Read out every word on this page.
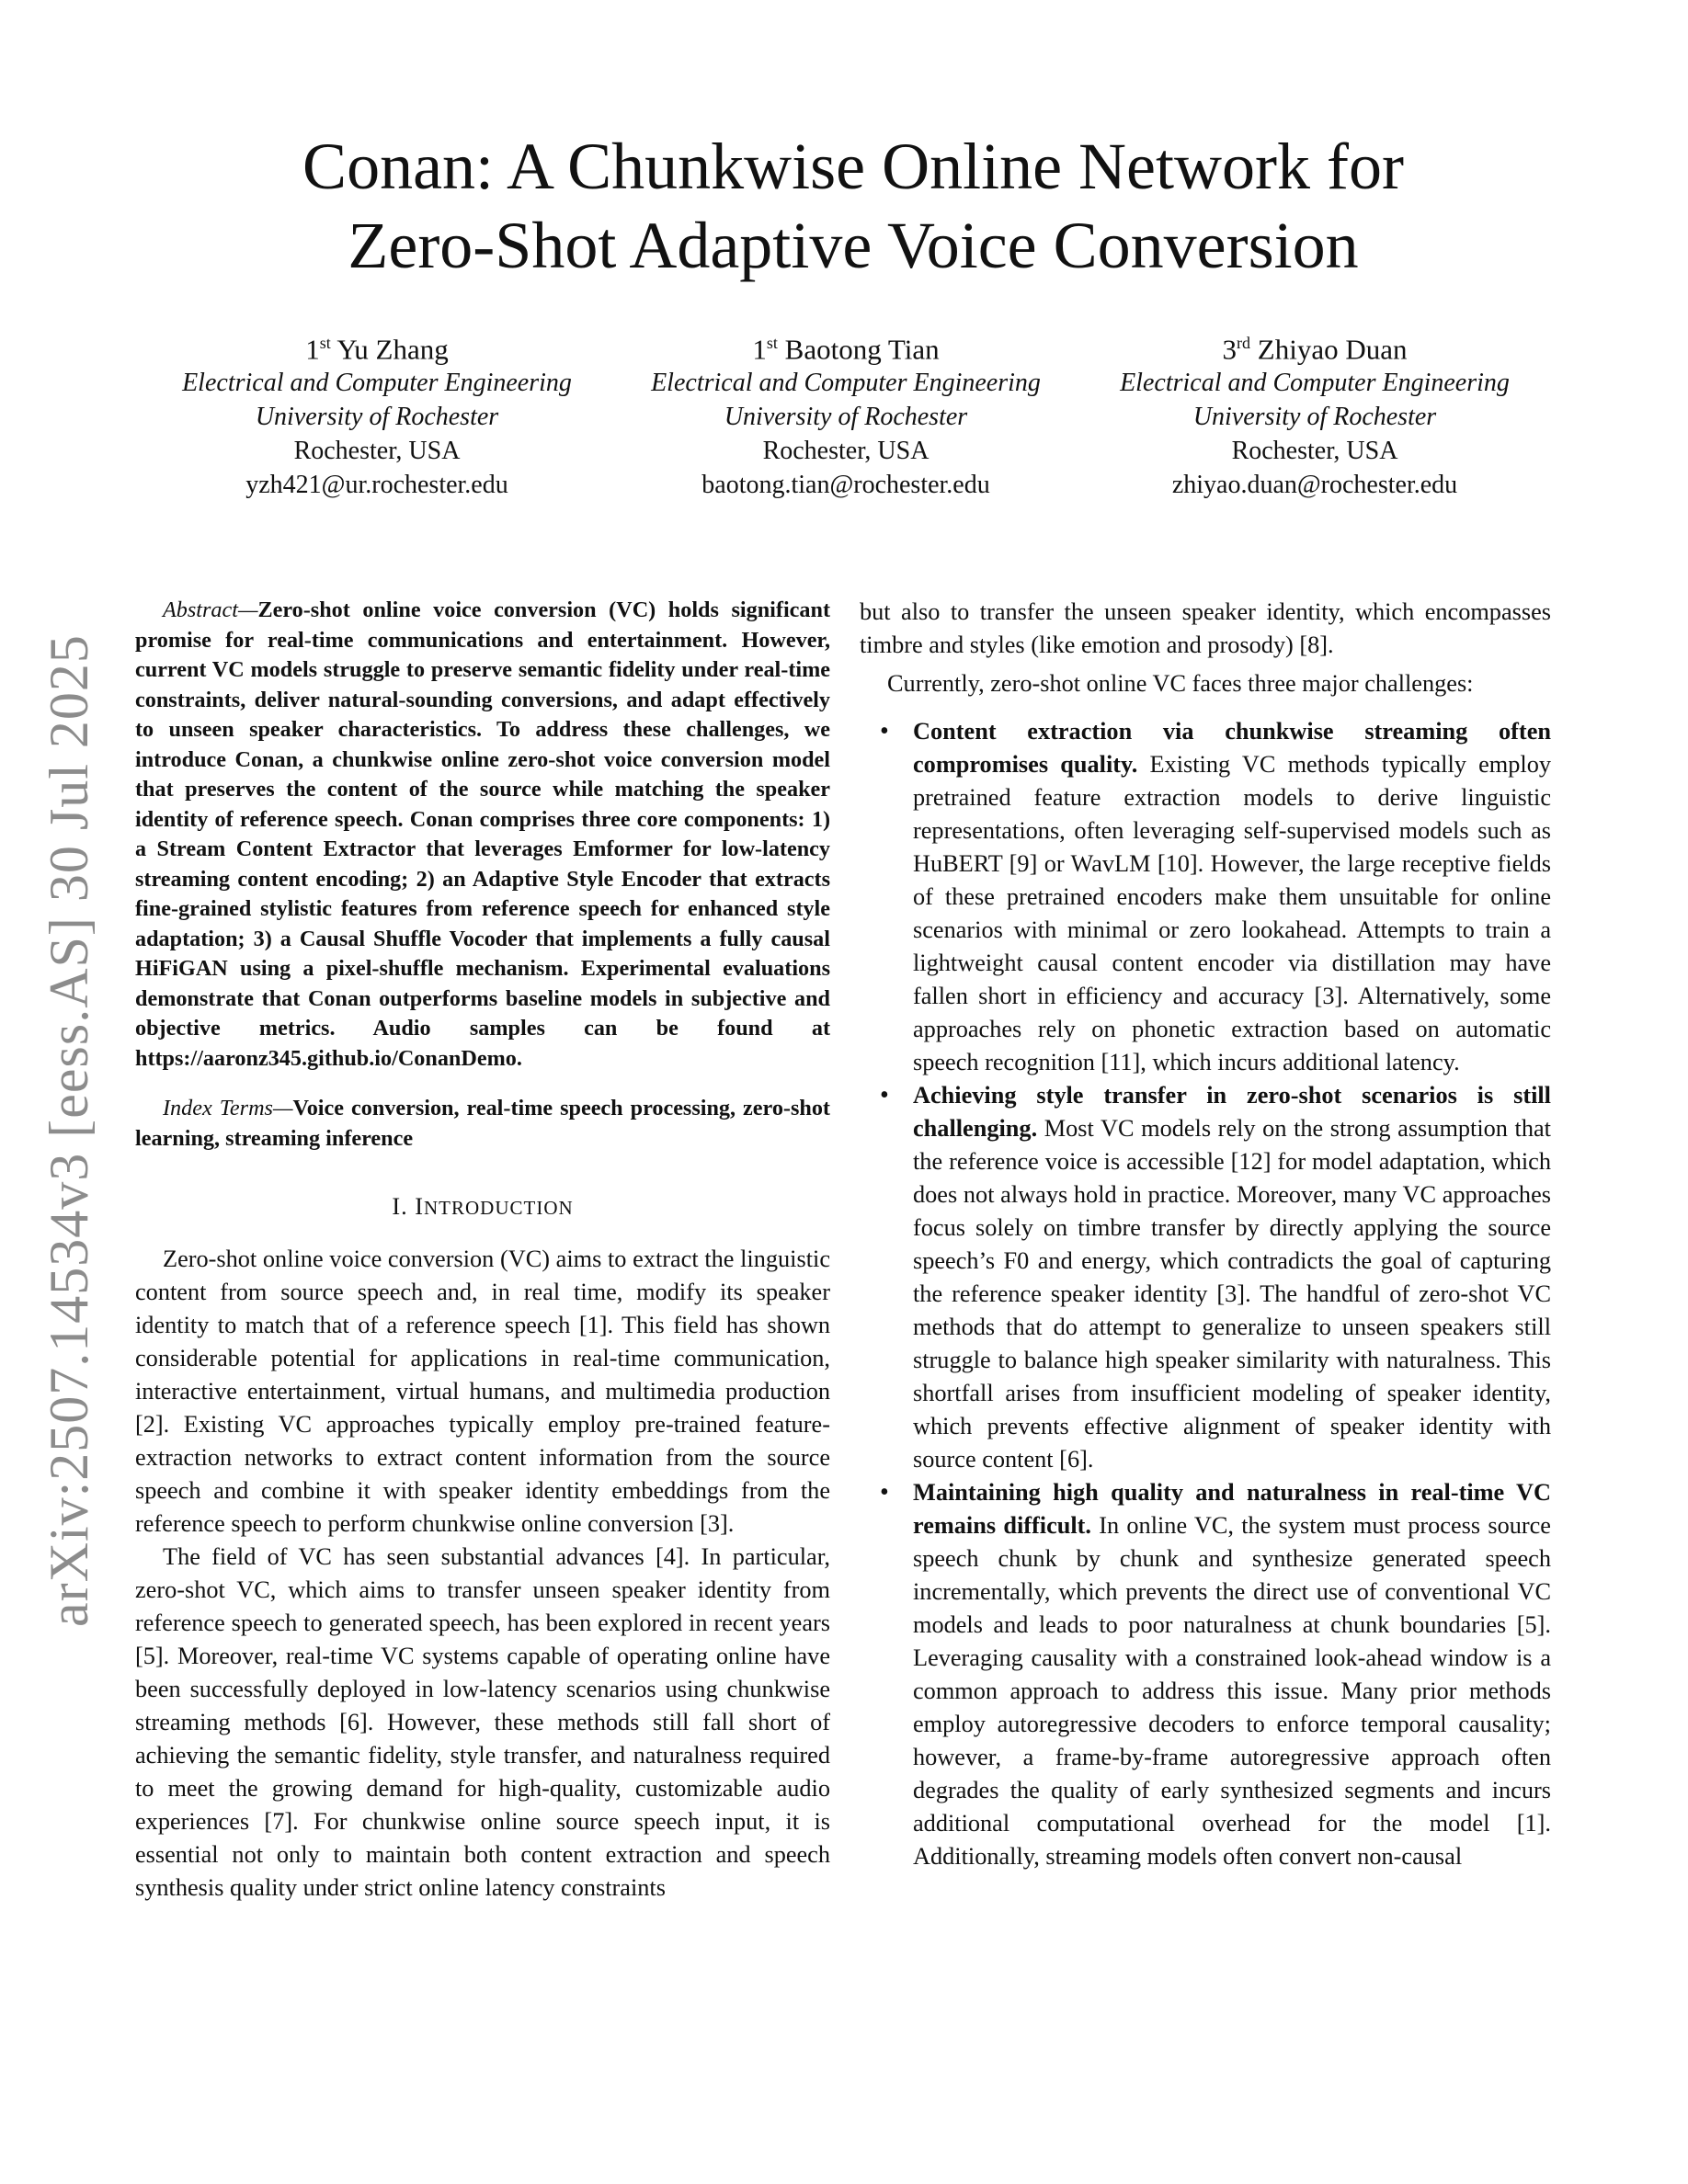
arXiv:2507.14534v3 [eess.AS] 30 Jul 2025
Conan: A Chunkwise Online Network for
Zero-Shot Adaptive Voice Conversion
1st Yu Zhang
Electrical and Computer Engineering
University of Rochester
Rochester, USA
yzh421@ur.rochester.edu
1st Baotong Tian
Electrical and Computer Engineering
University of Rochester
Rochester, USA
baotong.tian@rochester.edu
3rd Zhiyao Duan
Electrical and Computer Engineering
University of Rochester
Rochester, USA
zhiyao.duan@rochester.edu

Abstract—Zero-shot online voice conversion (VC) holds significant promise for real-time communications and entertainment. However, current VC models struggle to preserve semantic fidelity under real-time constraints, deliver natural-sounding conversions, and adapt effectively to unseen speaker characteristics. To address these challenges, we introduce Conan, a chunkwise online zero-shot voice conversion model that preserves the content of the source while matching the speaker identity of reference speech. Conan comprises three core components: 1) a Stream Content Extractor that leverages Emformer for low-latency streaming content encoding; 2) an Adaptive Style Encoder that extracts fine-grained stylistic features from reference speech for enhanced style adaptation; 3) a Causal Shuffle Vocoder that implements a fully causal HiFiGAN using a pixel-shuffle mechanism. Experimental evaluations demonstrate that Conan outperforms baseline models in subjective and objective metrics. Audio samples can be found at https://aaronz345.github.io/ConanDemo.

Index Terms—Voice conversion, real-time speech processing, zero-shot learning, streaming inference

I. INTRODUCTION

Zero-shot online voice conversion (VC) aims to extract the linguistic content from source speech and, in real time, modify its speaker identity to match that of a reference speech [1]. This field has shown considerable potential for applications in real-time communication, interactive entertainment, virtual humans, and multimedia production [2]. Existing VC approaches typically employ pre-trained feature-extraction networks to extract content information from the source speech and combine it with speaker identity embeddings from the reference speech to perform chunkwise online conversion [3].

The field of VC has seen substantial advances [4]. In particular, zero-shot VC, which aims to transfer unseen speaker identity from reference speech to generated speech, has been explored in recent years [5]. Moreover, real-time VC systems capable of operating online have been successfully deployed in low-latency scenarios using chunkwise streaming methods [6]. However, these methods still fall short of achieving the semantic fidelity, style transfer, and naturalness required to meet the growing demand for high-quality, customizable audio experiences [7]. For chunkwise online source speech input, it is essential not only to maintain both content extraction and speech synthesis quality under strict online latency constraints

but also to transfer the unseen speaker identity, which encompasses timbre and styles (like emotion and prosody) [8].

Currently, zero-shot online VC faces three major challenges:

• Content extraction via chunkwise streaming often compromises quality. Existing VC methods typically employ pretrained feature extraction models to derive linguistic representations, often leveraging self-supervised models such as HuBERT [9] or WavLM [10]. However, the large receptive fields of these pretrained encoders make them unsuitable for online scenarios with minimal or zero lookahead. Attempts to train a lightweight causal content encoder via distillation may have fallen short in efficiency and accuracy [3]. Alternatively, some approaches rely on phonetic extraction based on automatic speech recognition [11], which incurs additional latency.
• Achieving style transfer in zero-shot scenarios is still challenging. Most VC models rely on the strong assumption that the reference voice is accessible [12] for model adaptation, which does not always hold in practice. Moreover, many VC approaches focus solely on timbre transfer by directly applying the source speech’s F0 and energy, which contradicts the goal of capturing the reference speaker identity [3]. The handful of zero-shot VC methods that do attempt to generalize to unseen speakers still struggle to balance high speaker similarity with naturalness. This shortfall arises from insufficient modeling of speaker identity, which prevents effective alignment of speaker identity with source content [6].
• Maintaining high quality and naturalness in real-time VC remains difficult. In online VC, the system must process source speech chunk by chunk and synthesize generated speech incrementally, which prevents the direct use of conventional VC models and leads to poor naturalness at chunk boundaries [5]. Leveraging causality with a constrained look-ahead window is a common approach to address this issue. Many prior methods employ autoregressive decoders to enforce temporal causality; however, a frame-by-frame autoregressive approach often degrades the quality of early synthesized segments and incurs additional computational overhead for the model [1]. Additionally, streaming models often convert non-causal
